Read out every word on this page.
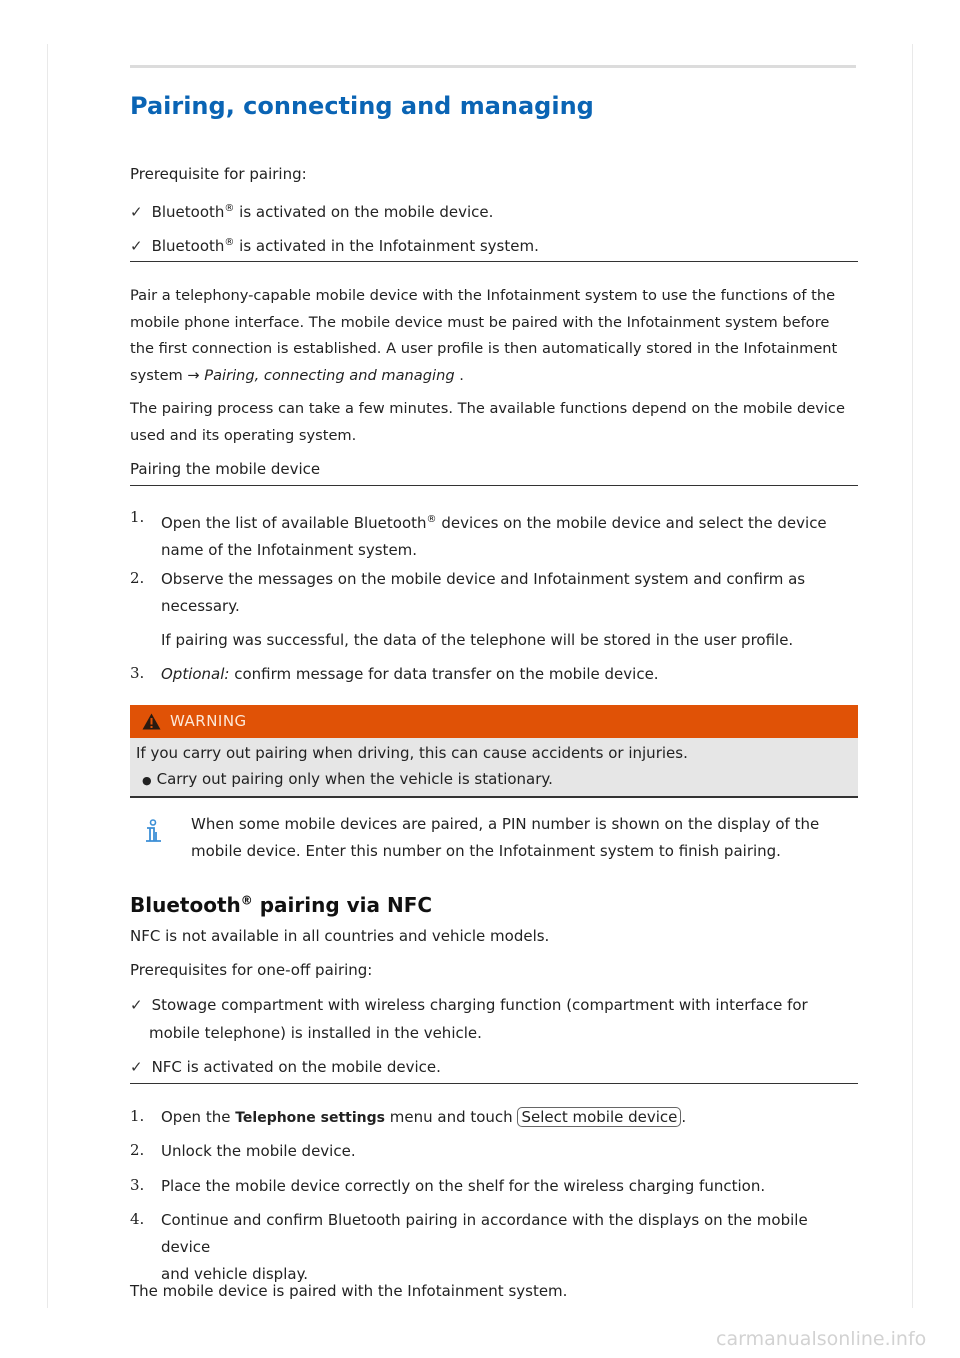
Pairing, connecting and managing
Prerequisite for pairing:
✓ Bluetooth® is activated on the mobile device.
✓ Bluetooth® is activated in the Infotainment system.
Pair a telephony-capable mobile device with the Infotainment system to use the functions of the
mobile phone interface. The mobile device must be paired with the Infotainment system before
the first connection is established. A user profile is then automatically stored in the Infotainment
system → Pairing, connecting and managing .
The pairing process can take a few minutes. The available functions depend on the mobile device
used and its operating system.
Pairing the mobile device
1. Open the list of available Bluetooth® devices on the mobile device and select the device
name of the Infotainment system.
2. Observe the messages on the mobile device and Infotainment system and confirm as
necessary.
If pairing was successful, the data of the telephone will be stored in the user profile.
3. Optional: confirm message for data transfer on the mobile device.
WARNING
If you carry out pairing when driving, this can cause accidents or injuries.
● Carry out pairing only when the vehicle is stationary.
When some mobile devices are paired, a PIN number is shown on the display of the
mobile device. Enter this number on the Infotainment system to finish pairing.
Bluetooth® pairing via NFC
NFC is not available in all countries and vehicle models.
Prerequisites for one-off pairing:
✓ Stowage compartment with wireless charging function (compartment with interface for
mobile telephone) is installed in the vehicle.
✓ NFC is activated on the mobile device.
1. Open the Telephone settings menu and touch Select mobile device .
2. Unlock the mobile device.
3. Place the mobile device correctly on the shelf for the wireless charging function.
4. Continue and confirm Bluetooth pairing in accordance with the displays on the mobile device
and vehicle display.
The mobile device is paired with the Infotainment system.
carmanualsonline.info
